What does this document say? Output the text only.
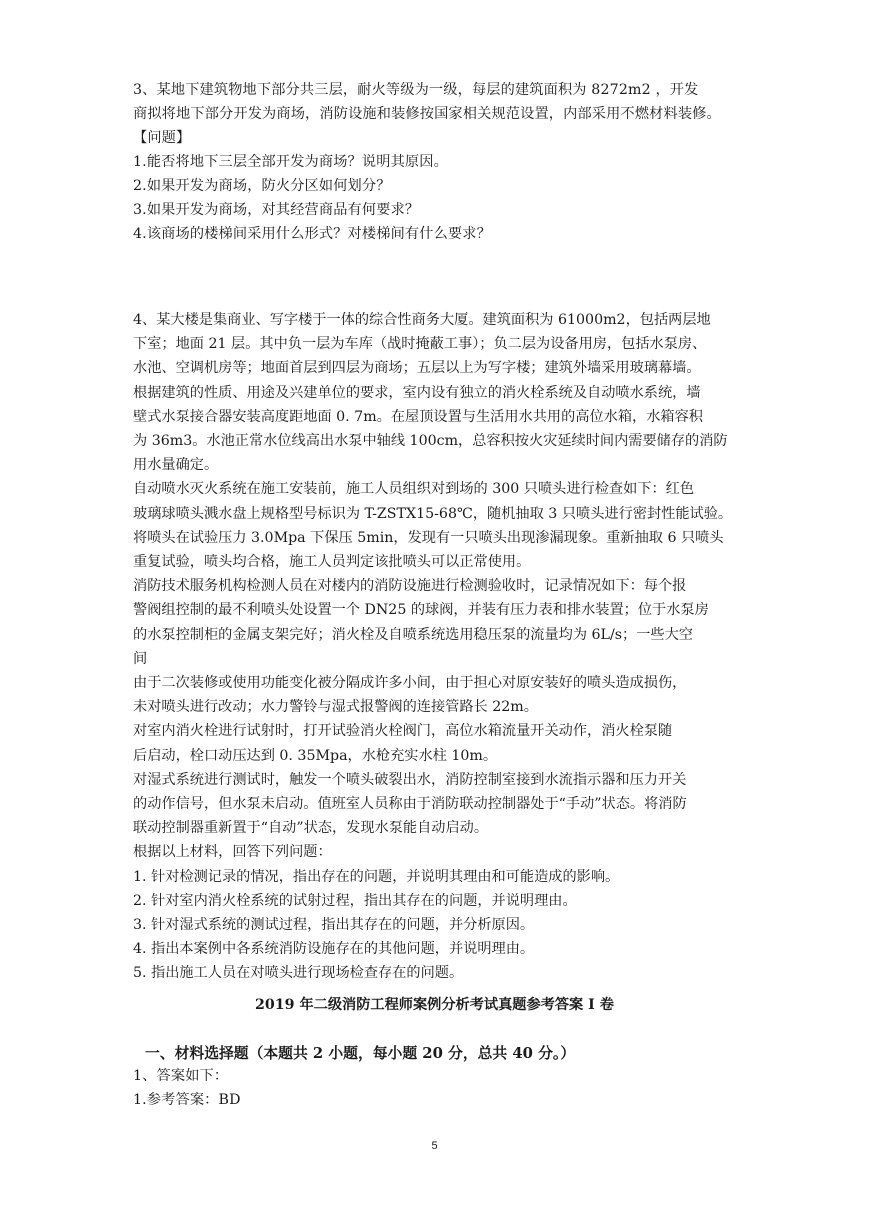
3、某地下建筑物地下部分共三层，耐火等级为一级，每层的建筑面积为 8272m2 ，开发
商拟将地下部分开发为商场，消防设施和装修按国家相关规范设置，内部采用不燃材料装修。
【问题】
1.能否将地下三层全部开发为商场？说明其原因。
2.如果开发为商场，防火分区如何划分？
3.如果开发为商场，对其经营商品有何要求？
4.该商场的楼梯间采用什么形式？对楼梯间有什么要求？

4、某大楼是集商业、写字楼于一体的综合性商务大厦。建筑面积为 61000m2，包括两层地

下室；地面 21 层。其中负一层为车库（战时掩蔽工事）；负二层为设备用房，包括水泵房、

水池、空调机房等；地面首层到四层为商场；五层以上为写字楼；建筑外墙采用玻璃幕墙。

根据建筑的性质、用途及兴建单位的要求，室内设有独立的消火栓系统及自动喷水系统，墙

壁式水泵接合器安装高度距地面 0. 7m。在屋顶设置与生活用水共用的高位水箱，水箱容积

为 36m3。水池正常水位线高出水泵中轴线 100cm，总容积按火灾延续时间内需要储存的消防

用水量确定。

自动喷水灭火系统在施工安装前，施工人员组织对到场的 300 只喷头进行检查如下：红色

玻璃球喷头溅水盘上规格型号标识为 T-ZSTX15-68℃，随机抽取 3 只喷头进行密封性能试验。

将喷头在试验压力 3.0Mpa 下保压 5min，发现有一只喷头出现渗漏现象。重新抽取 6 只喷头

重复试验，喷头均合格，施工人员判定该批喷头可以正常使用。

消防技术服务机构检测人员在对楼内的消防设施进行检测验收时，记录情况如下：每个报

警阀组控制的最不利喷头处设置一个 DN25 的球阀，并装有压力表和排水装置；位于水泵房

的水泵控制柜的金属支架完好；消火栓及自喷系统选用稳压泵的流量均为 6L/s；一些大空

间

由于二次装修或使用功能变化被分隔成许多小间，由于担心对原安装好的喷头造成损伤，

未对喷头进行改动；水力警铃与湿式报警阀的连接管路长 22m。

对室内消火栓进行试射时，打开试验消火栓阀门，高位水箱流量开关动作，消火栓泵随

后启动，栓口动压达到 0. 35Mpa，水枪充实水柱 10m。

对湿式系统进行测试时，触发一个喷头破裂出水，消防控制室接到水流指示器和压力开关

的动作信号，但水泵未启动。值班室人员称由于消防联动控制器处于“手动”状态。将消防

联动控制器重新置于“自动”状态，发现水泵能自动启动。

根据以上材料，回答下列问题：

1. 针对检测记录的情况，指出存在的问题，并说明其理由和可能造成的影响。

2. 针对室内消火栓系统的试射过程，指出其存在的问题，并说明理由。

3. 针对湿式系统的测试过程，指出其存在的问题，并分析原因。

4. 指出本案例中各系统消防设施存在的其他问题，并说明理由。

5. 指出施工人员在对喷头进行现场检查存在的问题。

2019 年二级消防工程师案例分析考试真题参考答案 I 卷
一、材料选择题（本题共 2 小题，每小题 20 分，总共 40 分。）
1、答案如下：
1.参考答案：BD
5
